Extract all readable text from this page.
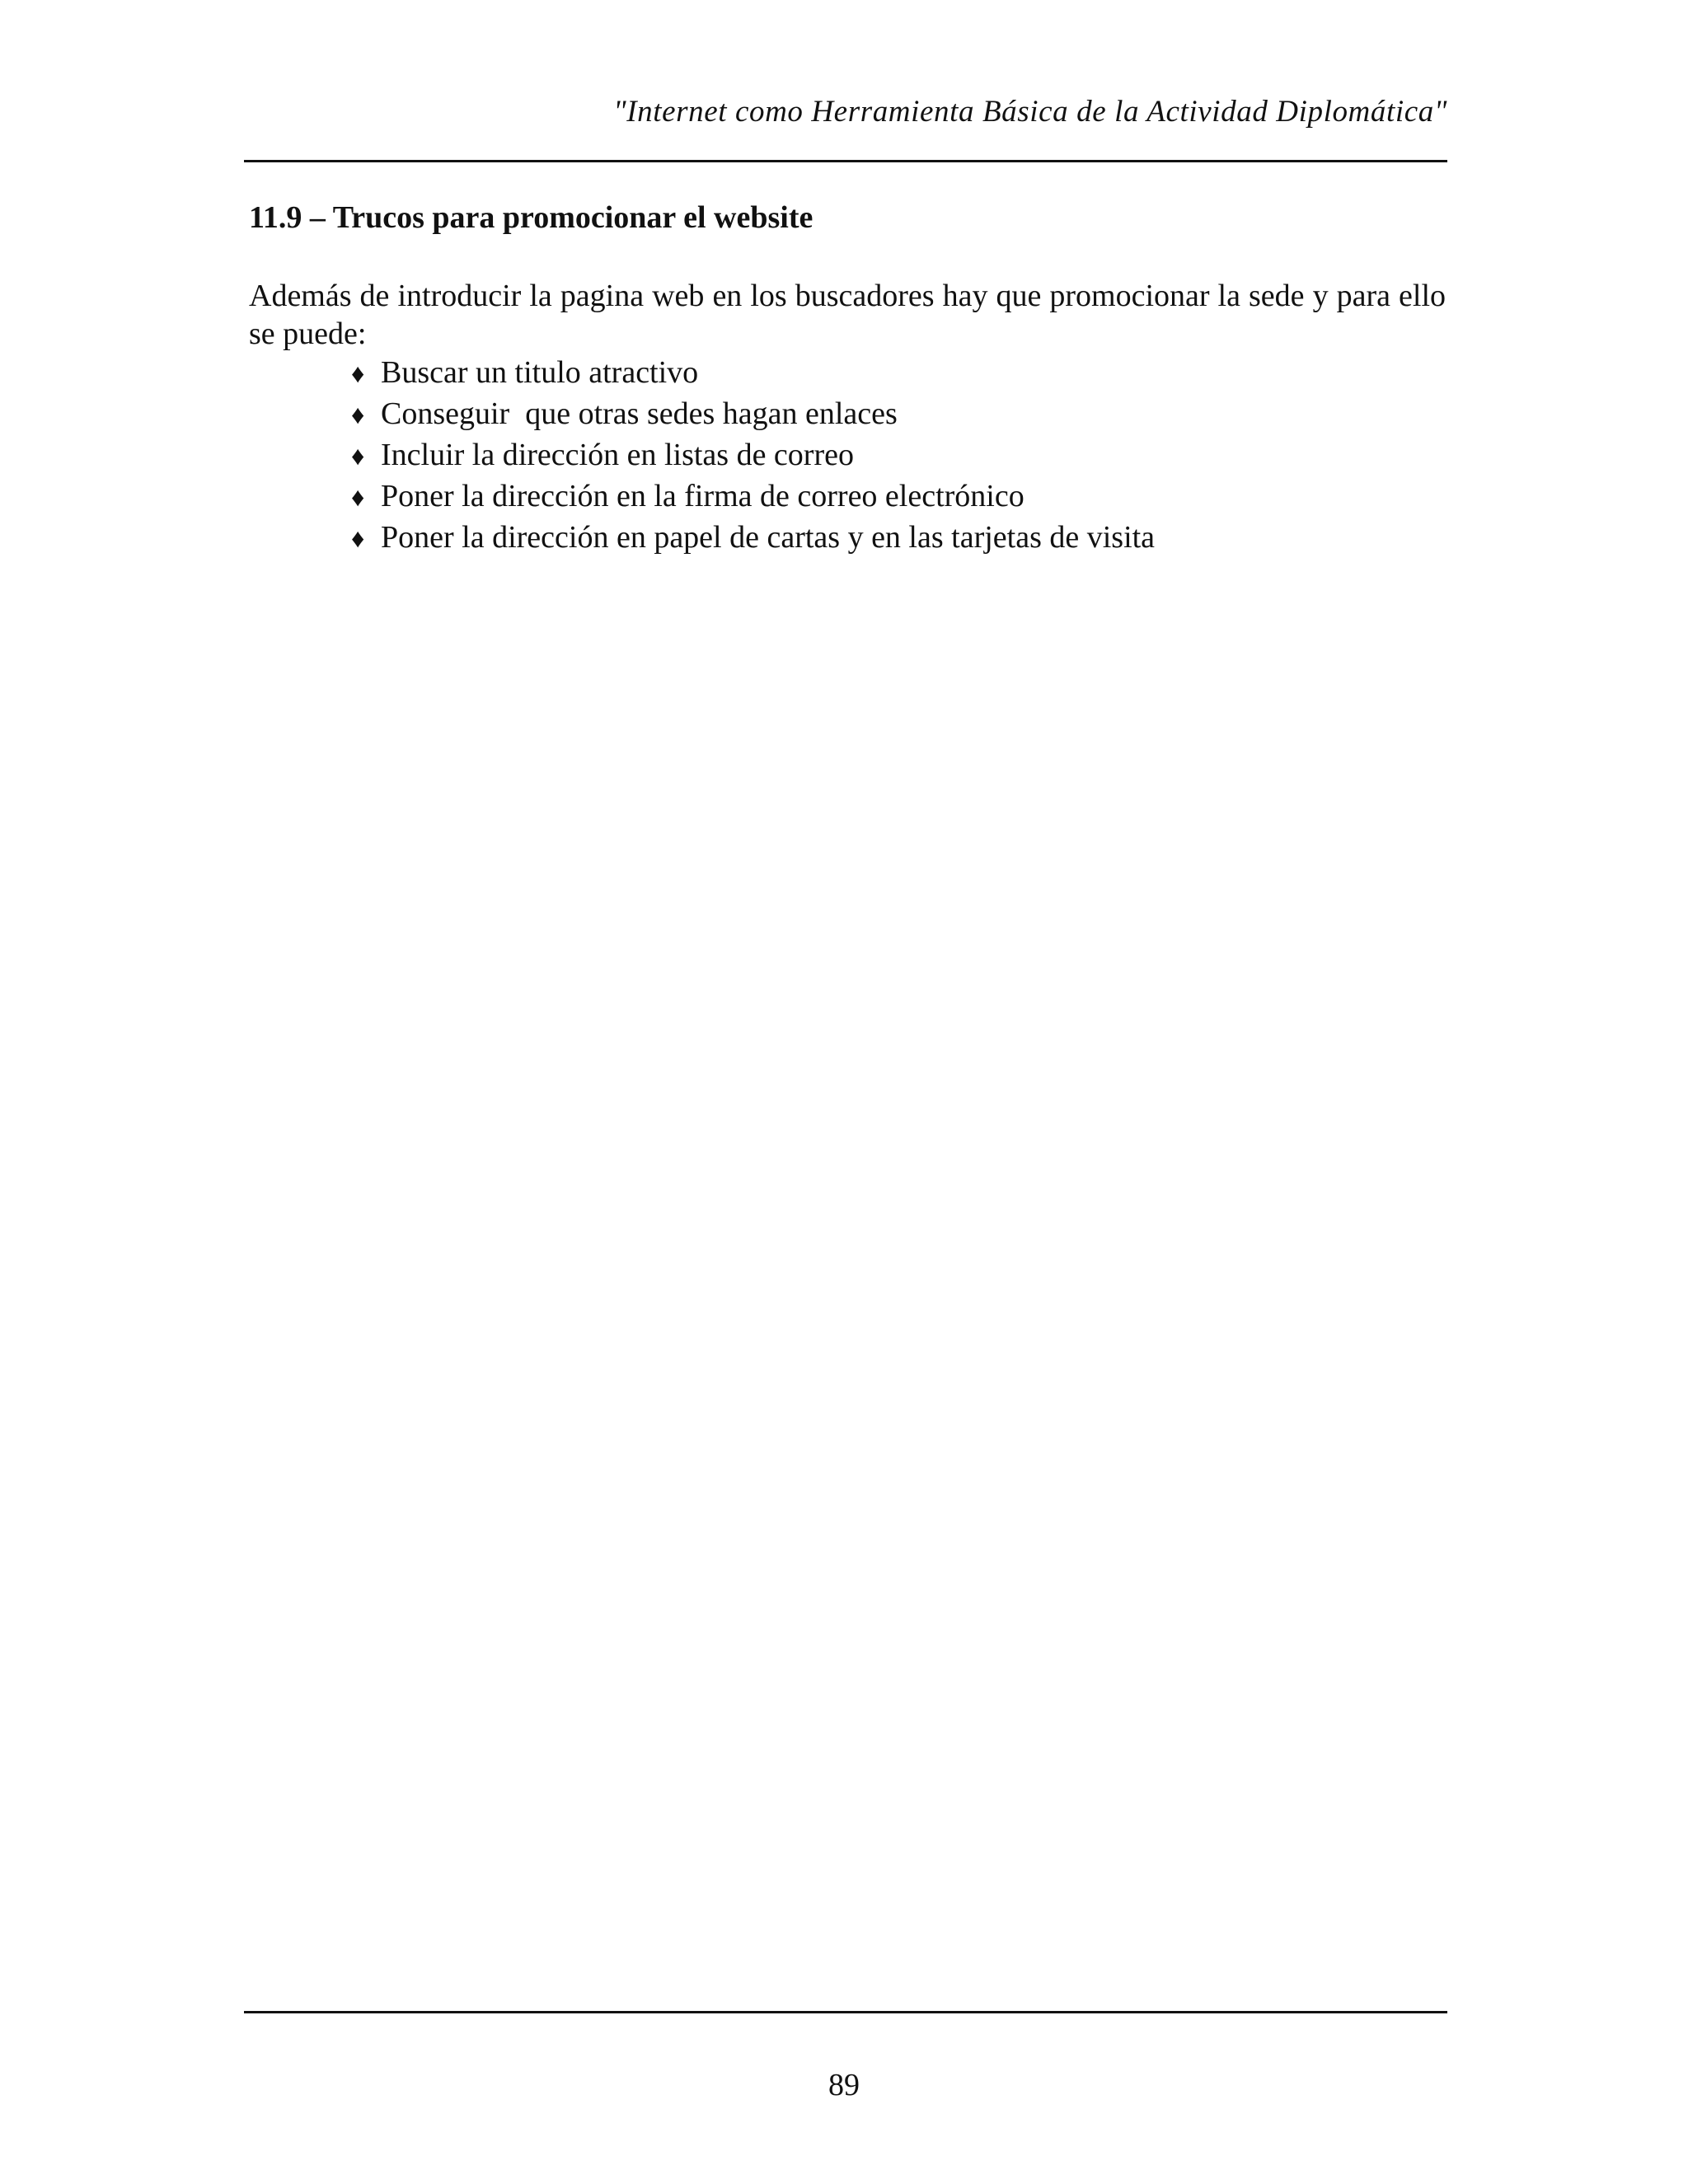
"Internet como Herramienta Básica de la Actividad Diplomática"
11.9 – Trucos para promocionar el website

Además de introducir la pagina web en los buscadores hay que promocionar la sede y para ello se puede:

♦ Buscar un titulo atractivo
♦ Conseguir  que otras sedes hagan enlaces
♦ Incluir la dirección en listas de correo
♦ Poner la dirección en la firma de correo electrónico
♦ Poner la dirección en papel de cartas y en las tarjetas de visita
89
